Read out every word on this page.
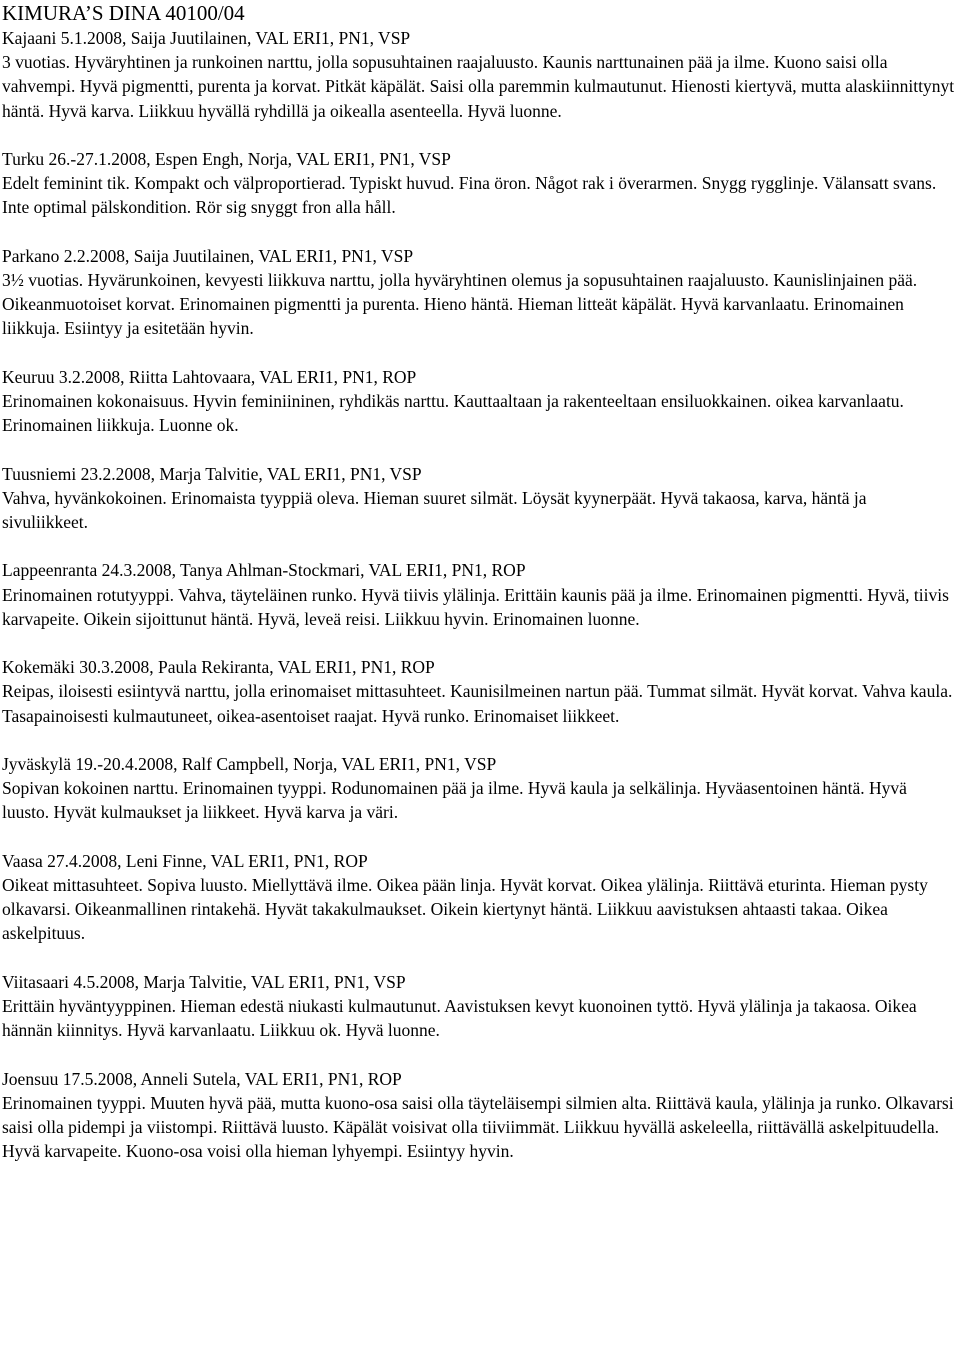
KIMURA’S DINA 40100/04
Kajaani 5.1.2008, Saija Juutilainen, VAL ERI1, PN1, VSP
3 vuotias. Hyväryhtinen ja runkoinen narttu, jolla sopusuhtainen raajaluusto. Kaunis narttunainen pää ja ilme. Kuono saisi olla vahvempi. Hyvä pigmentti, purenta ja korvat. Pitkät käpälät. Saisi olla paremmin kulmautunut. Hienosti kiertyvä, mutta alaskiinnittynyt häntä. Hyvä karva. Liikkuu hyvällä ryhdillä ja oikealla asenteella. Hyvä luonne.
Turku 26.-27.1.2008, Espen Engh, Norja, VAL ERI1, PN1, VSP
Edelt feminint tik. Kompakt och välproportierad. Typiskt huvud. Fina öron. Något rak i överarmen. Snygg rygglinje. Välansatt svans. Inte optimal pälskondition. Rör sig snyggt fron alla håll.
Parkano 2.2.2008, Saija Juutilainen, VAL ERI1, PN1, VSP
3½ vuotias. Hyvärunkoinen, kevyesti liikkuva narttu, jolla hyväryhtinen olemus ja sopusuhtainen raajaluusto. Kaunislinjainen pää. Oikeanmuotoiset korvat. Erinomainen pigmentti ja purenta. Hieno häntä. Hieman litteät käpälät. Hyvä karvanlaatu. Erinomainen liikkuja. Esiintyy ja esitetään hyvin.
Keuruu 3.2.2008, Riitta Lahtovaara, VAL ERI1, PN1, ROP
Erinomainen kokonaisuus. Hyvin feminiininen, ryhdikäs narttu. Kauttaaltaan ja rakenteeltaan ensiluokkainen. oikea karvanlaatu. Erinomainen liikkuja. Luonne ok.
Tuusniemi 23.2.2008, Marja Talvitie, VAL ERI1, PN1, VSP
Vahva, hyvänkokoinen. Erinomaista tyyppiä oleva. Hieman suuret silmät. Löysät kyynerpäät. Hyvä takaosa, karva, häntä ja sivuliikkeet.
Lappeenranta 24.3.2008, Tanya Ahlman-Stockmari, VAL ERI1, PN1, ROP
Erinomainen rotutyyppi. Vahva, täyteläinen runko. Hyvä tiivis ylälinja. Erittäin kaunis pää ja ilme. Erinomainen pigmentti. Hyvä, tiivis karvapeite. Oikein sijoittunut häntä. Hyvä, leveä reisi. Liikkuu hyvin. Erinomainen luonne.
Kokemäki 30.3.2008, Paula Rekiranta, VAL ERI1, PN1, ROP
Reipas, iloisesti esiintyvä narttu, jolla erinomaiset mittasuhteet. Kaunisilmeinen nartun pää. Tummat silmät. Hyvät korvat. Vahva kaula. Tasapainoisesti kulmautuneet, oikea-asentoiset raajat. Hyvä runko. Erinomaiset liikkeet.
Jyväskylä 19.-20.4.2008, Ralf Campbell, Norja, VAL ERI1, PN1, VSP
Sopivan kokoinen narttu. Erinomainen tyyppi. Rodunomainen pää ja ilme. Hyvä kaula ja selkälinja. Hyväasentoinen häntä. Hyvä luusto. Hyvät kulmaukset ja liikkeet. Hyvä karva ja väri.
Vaasa 27.4.2008, Leni Finne, VAL ERI1, PN1, ROP
Oikeat mittasuhteet. Sopiva luusto. Miellyttävä ilme. Oikea pään linja. Hyvät korvat. Oikea ylälinja. Riittävä eturinta. Hieman pysty olkavarsi. Oikeanmallinen rintakehä. Hyvät takakulmaukset. Oikein kiertynyt häntä. Liikkuu aavistuksen ahtaasti takaa. Oikea askelpituus.
Viitasaari 4.5.2008, Marja Talvitie, VAL ERI1, PN1, VSP
Erittäin hyväntyyppinen. Hieman edestä niukasti kulmautunut. Aavistuksen kevyt kuonoinen tyttö. Hyvä ylälinja ja takaosa. Oikea hännän kiinnitys. Hyvä karvanlaatu. Liikkuu ok. Hyvä luonne.
Joensuu 17.5.2008, Anneli Sutela, VAL ERI1, PN1, ROP
Erinomainen tyyppi. Muuten hyvä pää, mutta kuono-osa saisi olla täyteläisempi silmien alta. Riittävä kaula, ylälinja ja runko. Olkavarsi saisi olla pidempi ja viistompi. Riittävä luusto. Käpälät voisivat olla tiiviimmät. Liikkuu hyvällä askeleella, riittävällä askelpituudella. Hyvä karvapeite. Kuono-osa voisi olla hieman lyhyempi. Esiintyy hyvin.
